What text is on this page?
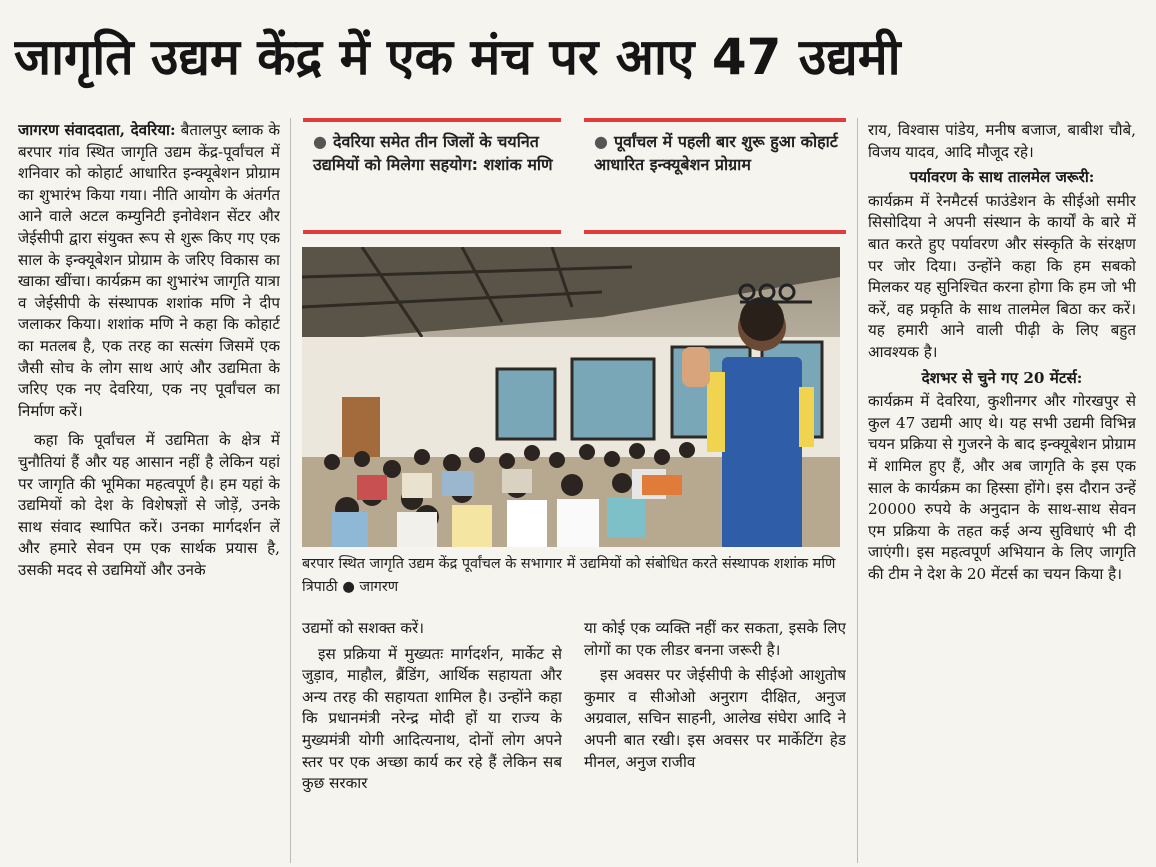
जागृति उद्यम केंद्र में एक मंच पर आए 47 उद्यमी

जागरण संवाददाता, देवरिया: बैतालपुर ब्लाक के बरपार गांव स्थित जागृति उद्यम केंद्र-पूर्वांचल में शनिवार को कोहार्ट आधारित इन्क्यूबेशन प्रोग्राम का शुभारंभ किया गया। नीति आयोग के अंतर्गत आने वाले अटल कम्युनिटी इनोवेशन सेंटर और जेईसीपी द्वारा संयुक्त रूप से शुरू किए गए एक साल के इन्क्यूबेशन प्रोग्राम के जरिए विकास का खाका खींचा। कार्यक्रम का शुभारंभ जागृति यात्रा व जेईसीपी के संस्थापक शशांक मणि ने दीप जलाकर किया। शशांक मणि ने कहा कि कोहार्ट का मतलब है, एक तरह का सत्संग जिसमें एक जैसी सोच के लोग साथ आएं और उद्यमिता के जरिए एक नए देवरिया, एक नए पूर्वांचल का निर्माण करें।

कहा कि पूर्वांचल में उद्यमिता के क्षेत्र में चुनौतियां हैं और यह आसान नहीं है लेकिन यहां पर जागृति की भूमिका महत्वपूर्ण है। हम यहां के उद्यमियों को देश के विशेषज्ञों से जोड़ें, उनके साथ संवाद स्थापित करें। उनका मार्गदर्शन लें और हमारे सेवन एम एक सार्थक प्रयास है, उसकी मदद से उद्यमियों और उनके

● देवरिया समेत तीन जिलों के चयनित उद्यमियों को मिलेगा सहयोग: शशांक मणि
● पूर्वांचल में पहली बार शुरू हुआ कोहार्ट आधारित इन्क्यूबेशन प्रोग्राम
बरपार स्थित जागृति उद्यम केंद्र पूर्वांचल के सभागार में उद्यमियों को संबोधित करते संस्थापक शशांक मणि त्रिपाठी ● जागरण

उद्यमों को सशक्त करें।

इस प्रक्रिया में मुख्यतः मार्गदर्शन, मार्केट से जुड़ाव, माहौल, ब्रैंडिंग, आर्थिक सहायता और अन्य तरह की सहायता शामिल है। उन्होंने कहा कि प्रधानमंत्री नरेन्द्र मोदी हों या राज्य के मुख्यमंत्री योगी आदित्यनाथ, दोनों लोग अपने स्तर पर एक अच्छा कार्य कर रहे हैं लेकिन सब कुछ सरकार

या कोई एक व्यक्ति नहीं कर सकता, इसके लिए लोगों का एक लीडर बनना जरूरी है।

इस अवसर पर जेईसीपी के सीईओ आशुतोष कुमार व सीओओ अनुराग दीक्षित, अनुज अग्रवाल, सचिन साहनी, आलेख संघेरा आदि ने अपनी बात रखी। इस अवसर पर मार्केटिंग हेड मीनल, अनुज राजीव

राय, विश्वास पांडेय, मनीष बजाज, बाबीश चौबे, विजय यादव, आदि मौजूद रहे।

पर्यावरण के साथ तालमेल जरूरी:

कार्यक्रम में रेनमैटर्स फाउंडेशन के सीईओ समीर सिसोदिया ने अपनी संस्थान के कार्यों के बारे में बात करते हुए पर्यावरण और संस्कृति के संरक्षण पर जोर दिया। उन्होंने कहा कि हम सबको मिलकर यह सुनिश्चित करना होगा कि हम जो भी करें, वह प्रकृति के साथ तालमेल बिठा कर करें। यह हमारी आने वाली पीढ़ी के लिए बहुत आवश्यक है।

देशभर से चुने गए 20 मेंटर्स:

कार्यक्रम में देवरिया, कुशीनगर और गोरखपुर से कुल 47 उद्यमी आए थे। यह सभी उद्यमी विभिन्न चयन प्रक्रिया से गुजरने के बाद इन्क्यूबेशन प्रोग्राम में शामिल हुए हैं, और अब जागृति के इस एक साल के कार्यक्रम का हिस्सा होंगे। इस दौरान उन्हें 20000 रुपये के अनुदान के साथ-साथ सेवन एम प्रक्रिया के तहत कई अन्य सुविधाएं भी दी जाएंगी। इस महत्वपूर्ण अभियान के लिए जागृति की टीम ने देश के 20 मेंटर्स का चयन किया है।
